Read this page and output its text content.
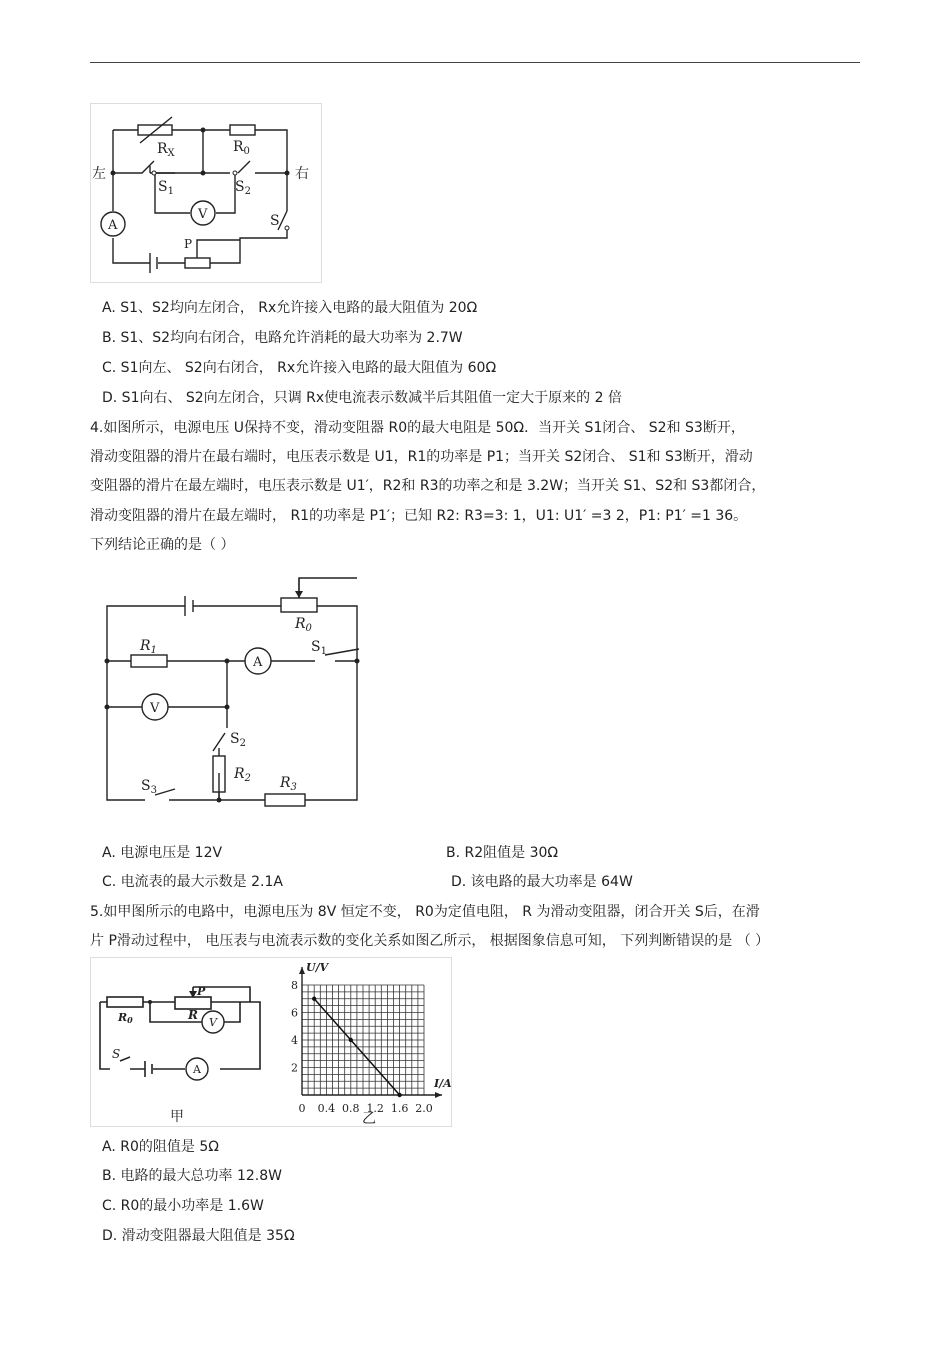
左	右
$R_X$	$R_0$
$S_1$	$S_2$
S
V
A
P
A. S1、S2均向左闭合， Rx允许接入电路的最大阻值为 20Ω
B. S1、S2均向右闭合，电路允许消耗的最大功率为 2.7W
C. S1向左、 S2向右闭合， Rx允许接入电路的最大阻值为 60Ω
D. S1向右、 S2向左闭合，只调 Rx使电流表示数减半后其阻值一定大于原来的 2 倍
4.如图所示，电源电压 U保持不变，滑动变阻器 R0的最大电阻是 50Ω．当开关 S1闭合、 S2和 S3断开，
滑动变阻器的滑片在最右端时，电压表示数是 U1，R1的功率是 P1；当开关 S2闭合、 S1和 S3断开，滑动
变阻器的滑片在最左端时，电压表示数是 U1′，R2和 R3的功率之和是 3.2W；当开关 S1、S2和 S3都闭合，
滑动变阻器的滑片在最左端时， R1的功率是 P1′；已知 R2: R3=3: 1，U1: U1′ =3 2，P1: P1′ =1 36。
下列结论正确的是（ ）
$R_0$
$R_1$	$S_1$
$S_2$
$R_2$
$S_3$	$R_3$
A
V
A. 电源电压是 12V	B. R2阻值是 30Ω
C. 电流表的最大示数是 2.1A	D. 该电路的最大功率是 64W
5.如甲图所示的电路中，电源电压为 8V 恒定不变， R0为定值电阻， R 为滑动变阻器，闭合开关 S后，在滑
片 P滑动过程中， 电压表与电流表示数的变化关系如图乙所示， 根据图象信息可知， 下列判断错误的是 （ ）
R0	R
P
S
V
A
甲	乙
I/A
U/V
0 0.4 0.8 1.2 1.6 2.0
2
4
6
8
A. R0的阻值是 5Ω
B. 电路的最大总功率 12.8W
C. R0的最小功率是 1.6W
D. 滑动变阻器最大阻值是 35Ω
